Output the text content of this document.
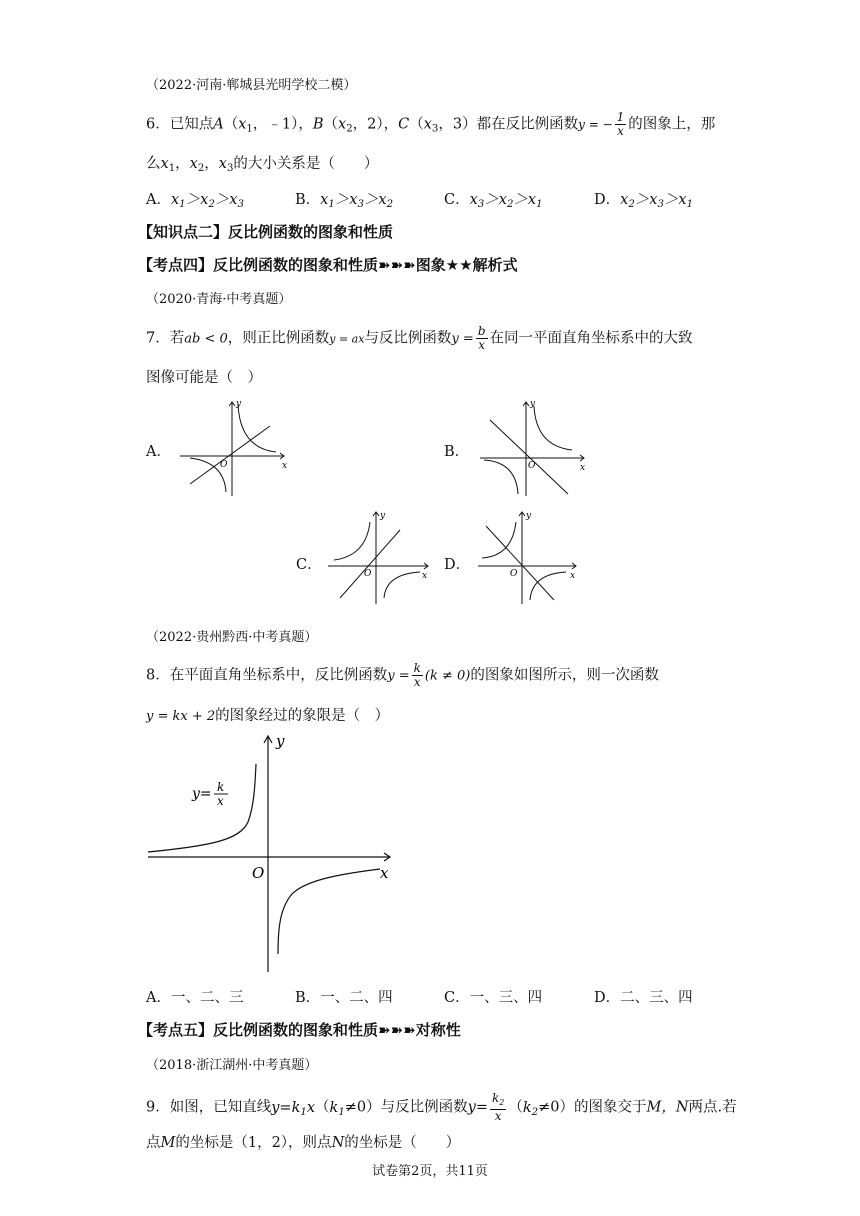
（2022·河南·郸城县光明学校二模）
6．已知点$A(x_1$，﹣1），$B(x_2$，2），$C(x_3$，3）都在反比例函数y = − $\frac{1}{x}$ 的图象上，那
么$x_1$，$x_2$，$x_3$的大小关系是（　　）
A．$x_1>x_2>x_3$	B．$x_1>x_3>x_2$	C．$x_3>x_2>x_1$	D．$x_2>x_3>x_1$
【知识点二】反比例函数的图象和性质
【考点四】反比例函数的图象和性质➽➽➽图象★★解析式
（2020·青海·中考真题）
7．若ab < 0，则正比例函数y = ax与反比例函数$y = \frac{b}{x}$ 在同一平面直角坐标系中的大致
图像可能是（　）
A．	B．
C．	D．
y
x
O
y
x
O
y
x
O
y
x
O
（2022·贵州黔西·中考真题）
8．在平面直角坐标系中，反比例函数$y = \frac{k}{x} (k \ne 0)$的图象如图所示，则一次函数
y = kx + 2的图象经过的象限是（　）
y
x
O
y= k
x
A．一、二、三	B．一、二、四	C．一、三、四	D．二、三、四
【考点五】反比例函数的图象和性质➽➽➽对称性
（2018·浙江湖州·中考真题）
9．如图，已知直线$y=k_1x(k_1\ne 0)$与反比例函数$y= \frac{k_2}{x} (k_2\ne 0)$的图象交于M，N两点.若
点M的坐标是（1，2），则点N的坐标是（　　）
试卷第2页，共11页
